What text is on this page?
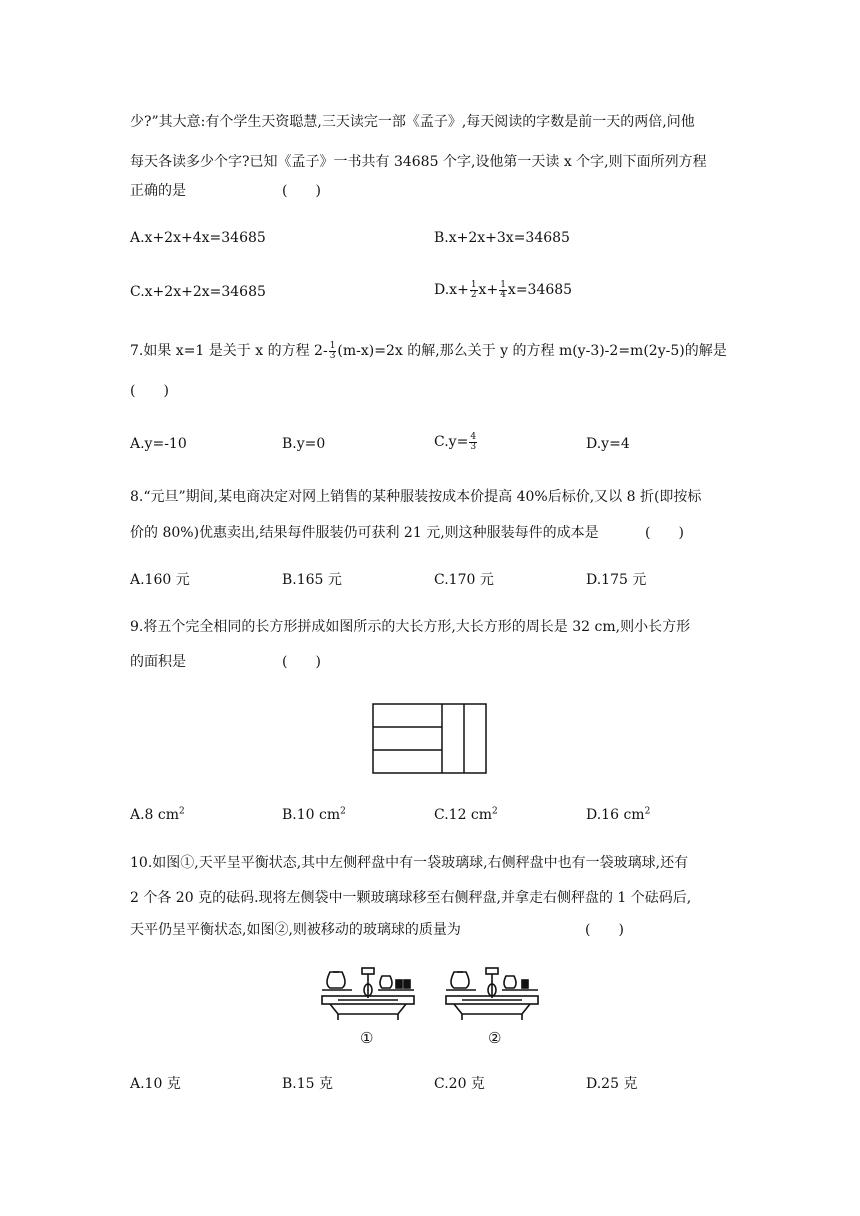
少?”其大意:有个学生天资聪慧,三天读完一部《孟子》,每天阅读的字数是前一天的两倍,问他
每天各读多少个字?已知《孟子》一书共有 34685 个字,设他第一天读 x 个字,则下面所列方程
正确的是	(　　)
A.x+2x+4x=34685	B.x+2x+3x=34685
C.x+2x+2x=34685	$D.x+ \frac{1}{2} x+ \frac{1}{4} x=34685$
7.如果 x=1 是关于 x 的方程 $2- \frac{1}{3} (m-x)=2x$ 的解,那么关于 y 的方程 m(y-3)-2=m(2y-5)的解是
(　　)
A.y=-10	B.y=0	$C.y= \frac{4}{3}$	D.y=4
8.“元旦”期间,某电商决定对网上销售的某种服装按成本价提高 40%后标价,又以 8 折(即按标
价的 80%)优惠卖出,结果每件服装仍可获利 21 元,则这种服装每件的成本是	(　　)
A.160 元	B.165 元	C.170 元	D.175 元
9.将五个完全相同的长方形拼成如图所示的大长方形,大长方形的周长是 32 cm,则小长方形
的面积是	(　　)
A.8 $cm^2$	B.10 $cm^2$	C.12 $cm^2$	D.16 $cm^2$
10.如图①,天平呈平衡状态,其中左侧秤盘中有一袋玻璃球,右侧秤盘中也有一袋玻璃球,还有
2 个各 20 克的砝码.现将左侧袋中一颗玻璃球移至右侧秤盘,并拿走右侧秤盘的 1 个砝码后,
天平仍呈平衡状态,如图②,则被移动的玻璃球的质量为	(　　)
①	②
A.10 克	B.15 克	C.20 克	D.25 克
